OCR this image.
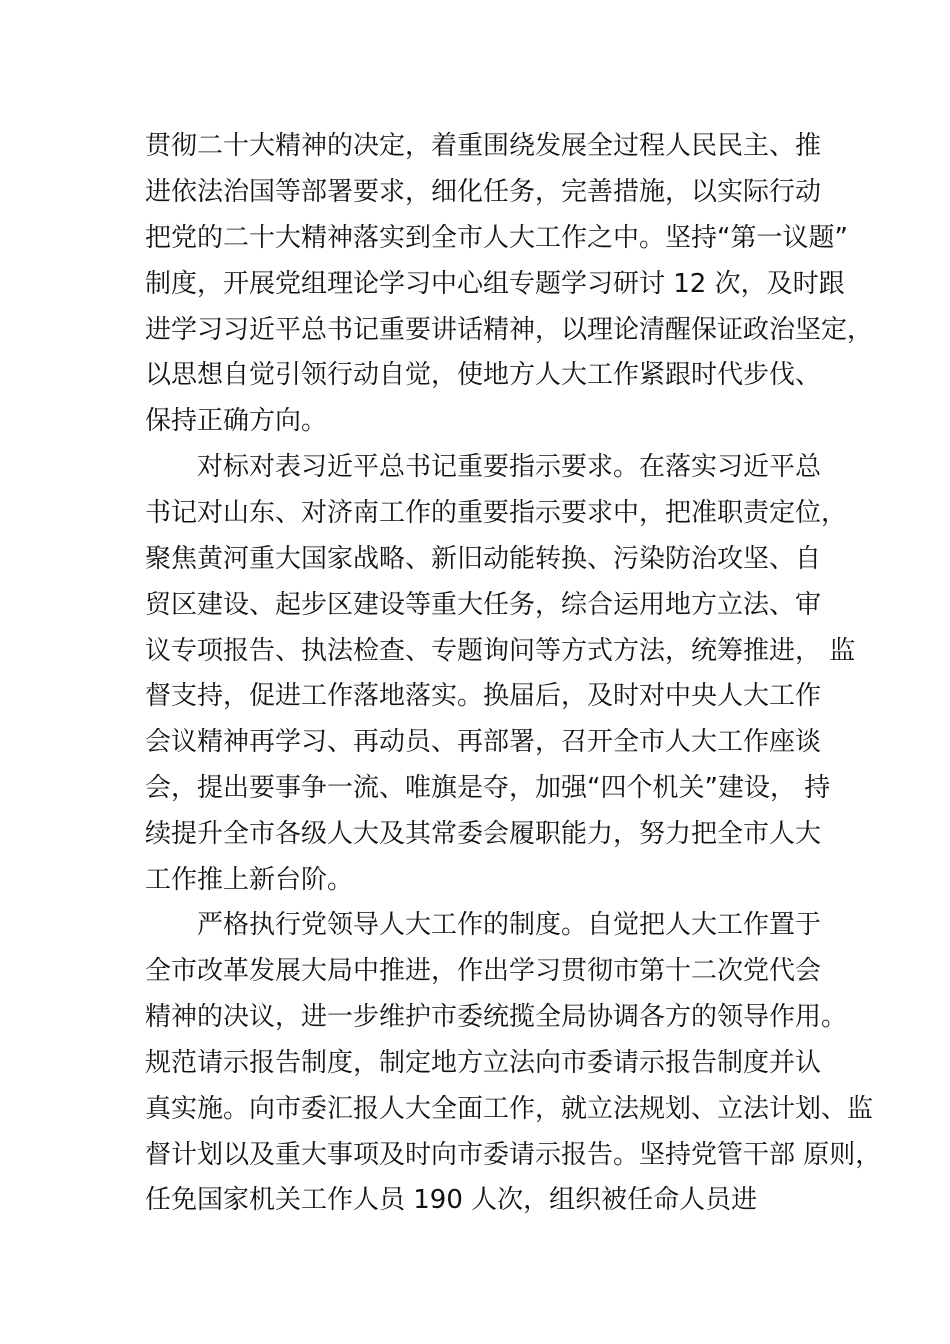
贯彻二十大精神的决定，着重围绕发展全过程人民民主、推
进依法治国等部署要求，细化任务，完善措施，以实际行动
把党的二十大精神落实到全市人大工作之中。坚持“第一议题”
制度，开展党组理论学习中心组专题学习研讨 12 次，及时跟
进学习习近平总书记重要讲话精神，以理论清醒保证政治坚定，
以思想自觉引领行动自觉，使地方人大工作紧跟时代步伐、
保持正确方向。
对标对表习近平总书记重要指示要求。在落实习近平总
书记对山东、对济南工作的重要指示要求中，把准职责定位，
聚焦黄河重大国家战略、新旧动能转换、污染防治攻坚、自
贸区建设、起步区建设等重大任务，综合运用地方立法、审
议专项报告、执法检查、专题询问等方式方法，统筹推进， 监
督支持，促进工作落地落实。换届后，及时对中央人大工作
会议精神再学习、再动员、再部署，召开全市人大工作座谈
会，提出要事争一流、唯旗是夺，加强“四个机关”建设， 持
续提升全市各级人大及其常委会履职能力，努力把全市人大
工作推上新台阶。
严格执行党领导人大工作的制度。自觉把人大工作置于
全市改革发展大局中推进，作出学习贯彻市第十二次党代会
精神的决议，进一步维护市委统揽全局协调各方的领导作用。
规范请示报告制度，制定地方立法向市委请示报告制度并认
真实施。向市委汇报人大全面工作，就立法规划、立法计划、监
督计划以及重大事项及时向市委请示报告。坚持党管干部 原则，
任免国家机关工作人员 190 人次，组织被任命人员进
